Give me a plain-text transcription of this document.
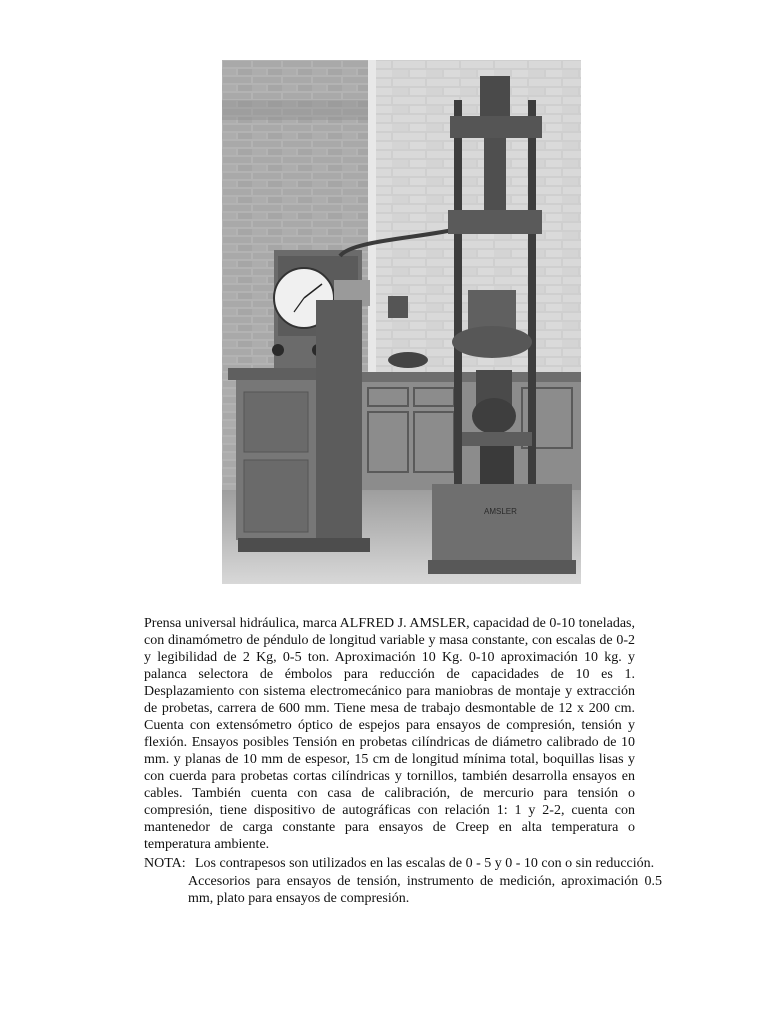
AMSLER

Prensa universal hidráulica, marca ALFRED J. AMSLER, capacidad de 0-10 toneladas, con dinamómetro de péndulo de longitud variable y masa constante, con escalas de 0-2 y legibilidad de 2 Kg, 0-5 ton. Aproximación 10 Kg. 0-10 aproximación 10 kg. y palanca selectora de émbolos para reducción de capacidades de 10 es 1. Desplazamiento con sistema electromecánico para maniobras de montaje y extracción de probetas, carrera de 600 mm. Tiene mesa de trabajo desmontable de 12 x 200 cm. Cuenta con extensómetro óptico de espejos para ensayos de compresión, tensión y flexión. Ensayos posibles Tensión en probetas cilíndricas de diámetro calibrado de 10 mm. y planas de 10 mm de espesor, 15 cm de longitud mínima total, boquillas lisas y con cuerda para probetas cortas cilíndricas y tornillos, también desarrolla ensayos en cables. También cuenta con casa de calibración, de mercurio para tensión o compresión, tiene dispositivo de autográficas con relación 1: 1 y 2-2, cuenta con mantenedor de carga constante para ensayos de Creep en alta temperatura o temperatura ambiente.

NOTA: Los contrapesos son utilizados en las escalas de 0 - 5 y 0 - 10 con o sin reducción.
Accesorios para ensayos de tensión, instrumento de medición, aproximación 0.5 mm, plato para ensayos de compresión.
